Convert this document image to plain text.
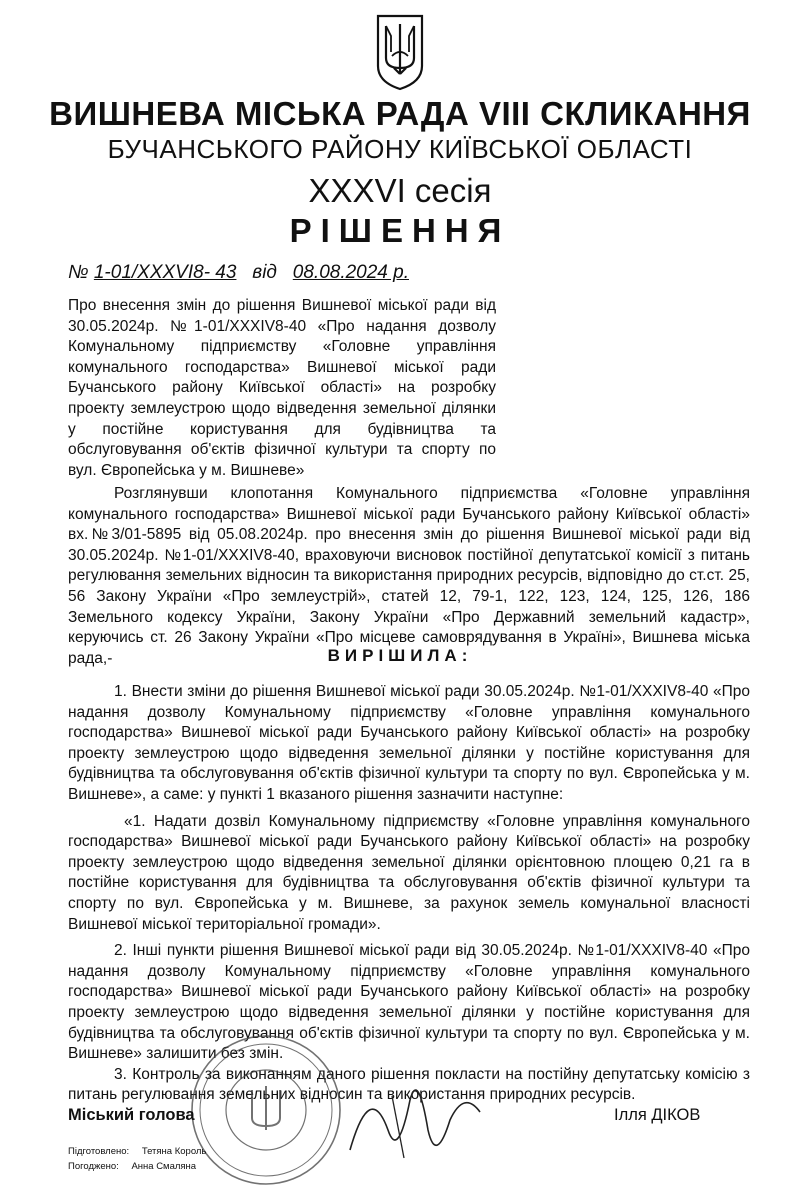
ВИШНЕВА МІСЬКА РАДА VIII СКЛИКАННЯ
БУЧАНСЬКОГО РАЙОНУ КИЇВСЬКОЇ ОБЛАСТІ
XXXVI сесія
РІШЕННЯ
№ 1-01/XXXVI8- 43 від 08.08.2024 р.
Про внесення змін до рішення Вишневої міської ради від 30.05.2024р. №1-01/XXXIV8-40 «Про надання дозволу Комунальному підприємству «Головне управління комунального господарства» Вишневої міської ради Бучанського району Київської області» на розробку проекту землеустрою щодо відведення земельної ділянки у постійне користування для будівництва та обслуговування об'єктів фізичної культури та спорту по вул. Європейська у м. Вишневе»

Розглянувши клопотання Комунального підприємства «Головне управління комунального господарства» Вишневої міської ради Бучанського району Київської області» вх.№3/01-5895 від 05.08.2024р. про внесення змін до рішення Вишневої міської ради від 30.05.2024р. №1-01/XXXIV8-40, враховуючи висновок постійної депутатської комісії з питань регулювання земельних відносин та використання природних ресурсів, відповідно до ст.ст. 25, 56 Закону України «Про землеустрій», статей 12, 79-1, 122, 123, 124, 125, 126, 186 Земельного кодексу України, Закону України «Про Державний земельний кадастр», керуючись ст. 26 Закону України «Про місцеве самоврядування в Україні», Вишнева міська рада,-	ВИРІШИЛА:

1. Внести зміни до рішення Вишневої міської ради 30.05.2024р. №1-01/XXXIV8-40 «Про надання дозволу Комунальному підприємству «Головне управління комунального господарства» Вишневої міської ради Бучанського району Київської області» на розробку проекту землеустрою щодо відведення земельної ділянки у постійне користування для будівництва та обслуговування об'єктів фізичної культури та спорту по вул. Європейська у м. Вишневе», а саме: у пункті 1 вказаного рішення зазначити наступне:

«1. Надати дозвіл Комунальному підприємству «Головне управління комунального господарства» Вишневої міської ради Бучанського району Київської області» на розробку проекту землеустрою щодо відведення земельної ділянки орієнтовною площею 0,21 га в постійне користування для будівництва та обслуговування об'єктів фізичної культури та спорту по вул. Європейська у м. Вишневе, за рахунок земель комунальної власності Вишневої міської територіальної громади».

2. Інші пункти рішення Вишневої міської ради від 30.05.2024р. №1-01/XXXIV8-40 «Про надання дозволу Комунальному підприємству «Головне управління комунального господарства» Вишневої міської ради Бучанського району Київської області» на розробку проекту землеустрою щодо відведення земельної ділянки у постійне користування для будівництва та обслуговування об'єктів фізичної культури та спорту по вул. Європейська у м. Вишневе» залишити без змін.

3. Контроль за виконанням даного рішення покласти на постійну депутатську комісію з питань регулювання земельних відносин та використання природних ресурсів.

Міський голова	Ілля ДІКОВ
Підготовлено: Тетяна Король
Погоджено: Анна Смаляна
